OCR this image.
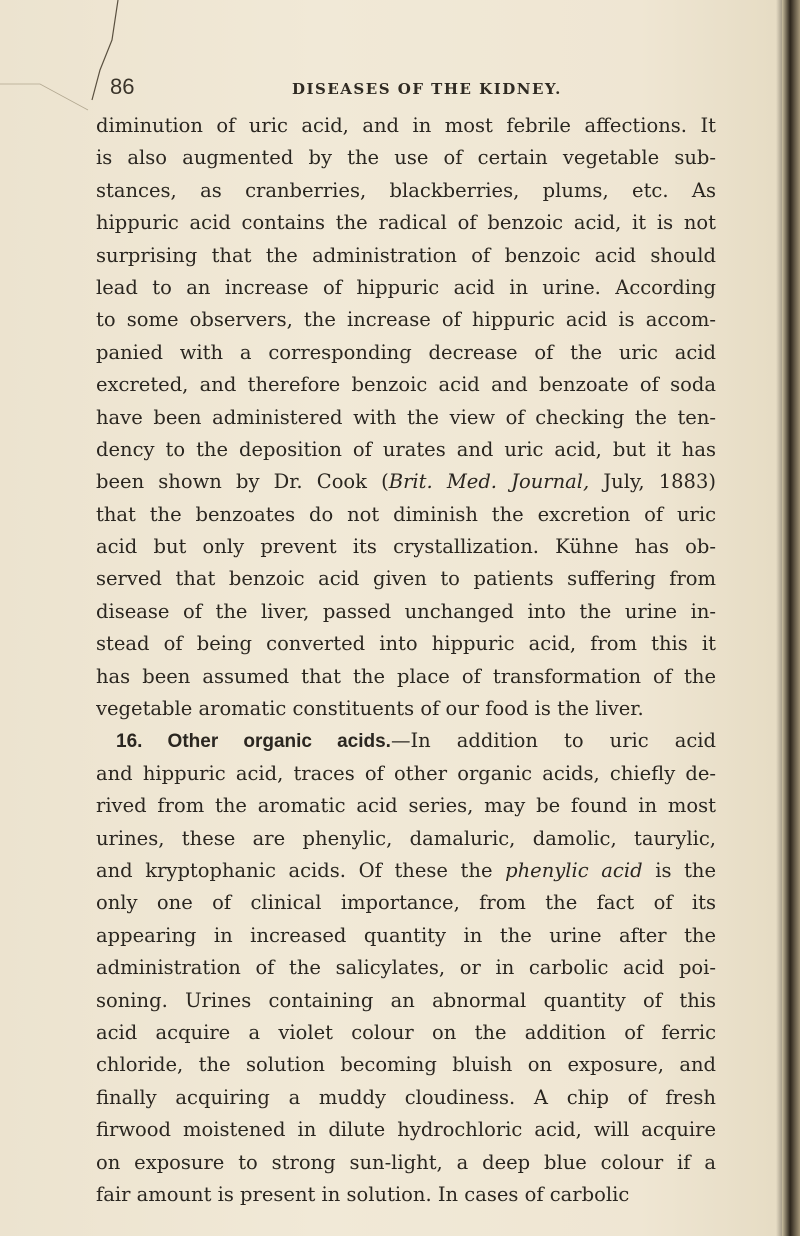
86	DISEASES OF THE KIDNEY.
diminution of uric acid, and in most febrile affections. It
is also augmented by the use of certain vegetable sub-
stances, as cranberries, blackberries, plums, etc. As
hippuric acid contains the radical of benzoic acid, it is not
surprising that the administration of benzoic acid should
lead to an increase of hippuric acid in urine. According
to some observers, the increase of hippuric acid is accom-
panied with a corresponding decrease of the uric acid
excreted, and therefore benzoic acid and benzoate of soda
have been administered with the view of checking the ten-
dency to the deposition of urates and uric acid, but it has
been shown by Dr. Cook (Brit. Med. Journal, July, 1883)
that the benzoates do not diminish the excretion of uric
acid but only prevent its crystallization. Kühne has ob-
served that benzoic acid given to patients suffering from
disease of the liver, passed unchanged into the urine in-
stead of being converted into hippuric acid, from this it
has been assumed that the place of transformation of the
vegetable aromatic constituents of our food is the liver.
16. Other organic acids.—In addition to uric acid
and hippuric acid, traces of other organic acids, chiefly de-
rived from the aromatic acid series, may be found in most
urines, these are phenylic, damaluric, damolic, taurylic,
and kryptophanic acids. Of these the phenylic acid is the
only one of clinical importance, from the fact of its
appearing in increased quantity in the urine after the
administration of the salicylates, or in carbolic acid poi-
soning. Urines containing an abnormal quantity of this
acid acquire a violet colour on the addition of ferric
chloride, the solution becoming bluish on exposure, and
finally acquiring a muddy cloudiness. A chip of fresh
firwood moistened in dilute hydrochloric acid, will acquire
on exposure to strong sun-light, a deep blue colour if a
fair amount is present in solution. In cases of carbolic
